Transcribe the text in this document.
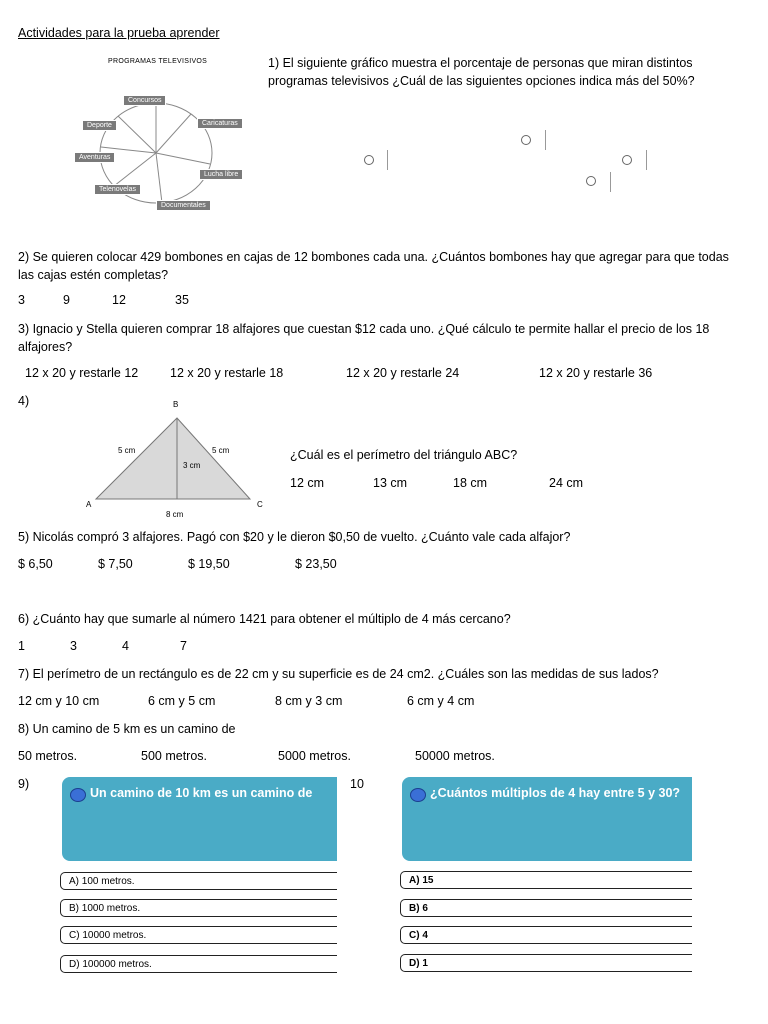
Actividades para la prueba aprender
PROGRAMAS TELEVISIVOS
Concursos
Caricaturas
Lucha libre
Documentales
Telenovelas
Aventuras
Deporte
1) El siguiente gráfico muestra el porcentaje de personas que miran distintos programas televisivos ¿Cuál de las siguientes opciones indica más del 50%?
2) Se quieren colocar 429 bombones en cajas de 12 bombones cada una. ¿Cuántos bombones hay que agregar para que todas las cajas estén completas?
3	9	12	35
3) Ignacio y Stella quieren comprar 18 alfajores que cuestan $12 cada uno. ¿Qué cálculo te permite hallar el precio de los 18 alfajores?
12 x 20 y restarle 12	12 x 20 y restarle 18	12 x 20 y restarle 24	12 x 20 y restarle 36
4)	B
A	C
5 cm	5 cm
3 cm
8 cm
¿Cuál es el perímetro del triángulo ABC?
12 cm	13 cm	18 cm	24 cm
5) Nicolás compró 3 alfajores. Pagó con $20 y le dieron $0,50 de vuelto. ¿Cuánto vale cada alfajor?
$ 6,50	$ 7,50	$ 19,50	$ 23,50
6) ¿Cuánto hay que sumarle al número 1421 para obtener el múltiplo de 4 más cercano?
1	3	4	7
7) El perímetro de un rectángulo es de 22 cm y su superficie es de 24 cm2. ¿Cuáles son las medidas de sus lados?
12 cm y 10 cm	6 cm y 5 cm	8 cm y 3 cm	6 cm y 4 cm
8) Un camino de 5 km es un camino de
50 metros.	500 metros.	5000 metros.	50000 metros.
9)
Un camino de 10 km es un camino de
A) 100 metros.
B) 1000 metros.
C) 10000 metros.
D) 100000 metros.
10
¿Cuántos múltiplos de 4 hay entre 5 y 30?
A) 15
B) 6
C) 4
D) 1
